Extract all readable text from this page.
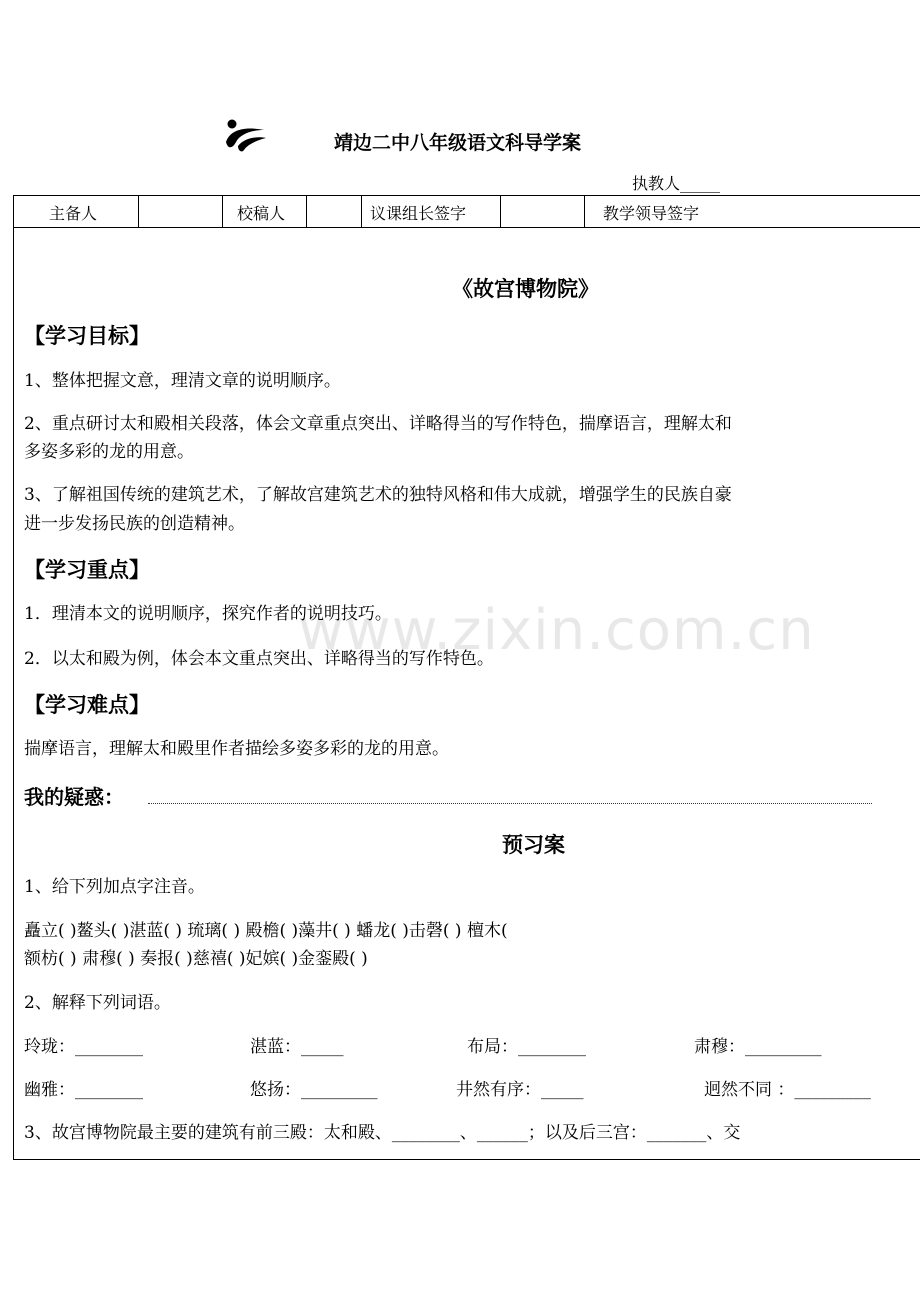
靖边二中八年级语文科导学案
执教人_____
主备人	校稿人	议课组长签字	教学领导签字
www.zixin.com.cn
《故宫博物院》
【学习目标】
1、整体把握文意，理清文章的说明顺序。
2、重点研讨太和殿相关段落，体会文章重点突出、详略得当的写作特色，揣摩语言，理解太和
多姿多彩的龙的用意。
3、了解祖国传统的建筑艺术，了解故宫建筑艺术的独特风格和伟大成就，增强学生的民族自豪
进一步发扬民族的创造精神。
【学习重点】
1．理清本文的说明顺序，探究作者的说明技巧。
2．以太和殿为例，体会本文重点突出、详略得当的写作特色。
【学习难点】
揣摩语言，理解太和殿里作者描绘多姿多彩的龙的用意。
我的疑惑：
预习案
1、给下列加点字注音。
矗立( )鳌头( )湛蓝( ) 琉璃( ) 殿檐( )藻井( ) 蟠龙( )击磬( ) 檀木(
额枋( ) 肃穆( ) 奏报( )慈禧( )妃嫔( )金銮殿( )
2、解释下列词语。
玲珑：________	湛蓝：_____	布局：________	肃穆：_________
幽雅：________	悠扬：_________	井然有序：_____	迥然不同 ：_________
3、故宫博物院最主要的建筑有前三殿：太和殿、________、______；以及后三宫：_______、交
